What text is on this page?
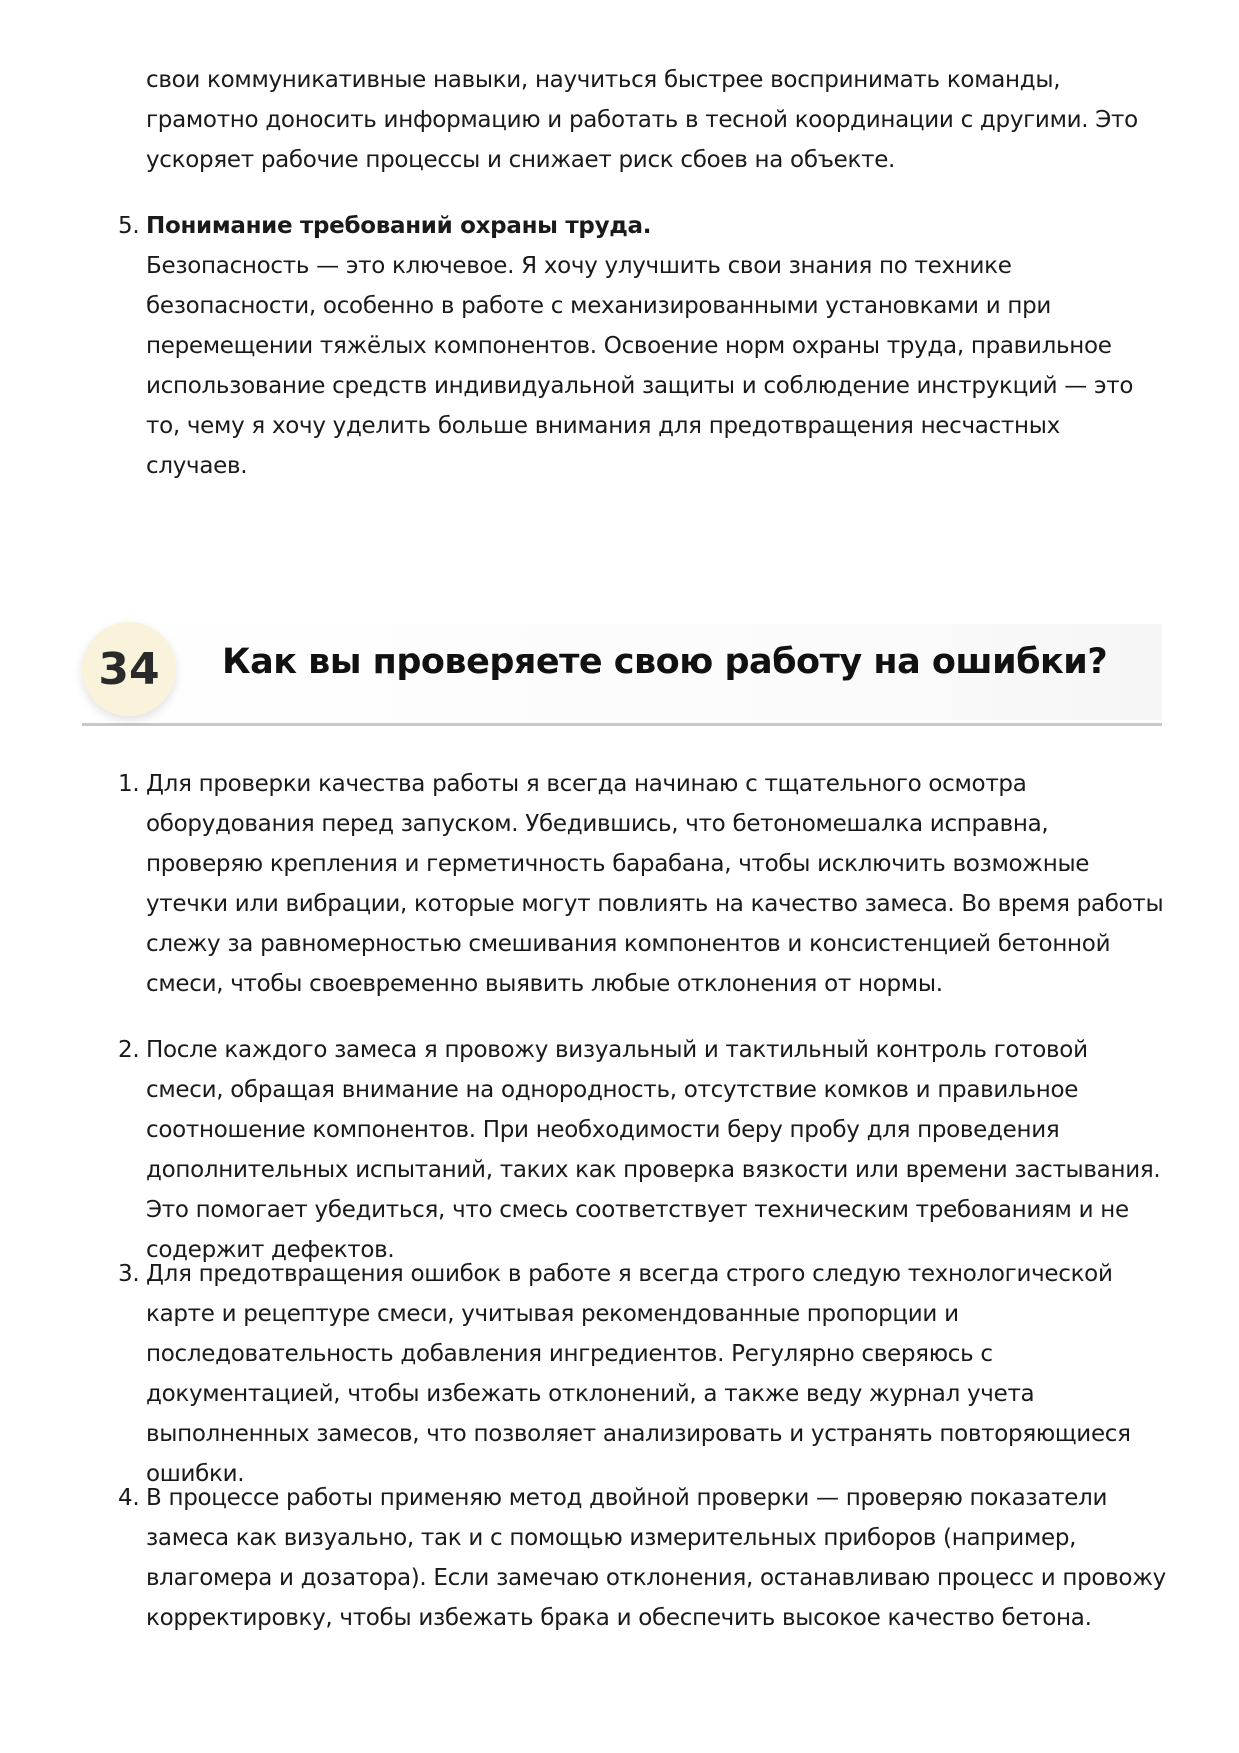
свои коммуникативные навыки, научиться быстрее воспринимать команды, грамотно доносить информацию и работать в тесной координации с другими. Это ускоряет рабочие процессы и снижает риск сбоев на объекте.

5. Понимание требований охраны труда.

Безопасность — это ключевое. Я хочу улучшить свои знания по технике безопасности, особенно в работе с механизированными установками и при перемещении тяжёлых компонентов. Освоение норм охраны труда, правильное использование средств индивидуальной защиты и соблюдение инструкций — это то, чему я хочу уделить больше внимания для предотвращения несчастных случаев.

34	Как вы проверяете свою работу на ошибки?
1. Для проверки качества работы я всегда начинаю с тщательного осмотра оборудования перед запуском. Убедившись, что бетономешалка исправна, проверяю крепления и герметичность барабана, чтобы исключить возможные утечки или вибрации, которые могут повлиять на качество замеса. Во время работы слежу за равномерностью смешивания компонентов и консистенцией бетонной смеси, чтобы своевременно выявить любые отклонения от нормы.

2. После каждого замеса я провожу визуальный и тактильный контроль готовой смеси, обращая внимание на однородность, отсутствие комков и правильное соотношение компонентов. При необходимости беру пробу для проведения дополнительных испытаний, таких как проверка вязкости или времени застывания. Это помогает убедиться, что смесь соответствует техническим требованиям и не содержит дефектов.

3. Для предотвращения ошибок в работе я всегда строго следую технологической карте и рецептуре смеси, учитывая рекомендованные пропорции и последовательность добавления ингредиентов. Регулярно сверяюсь с документацией, чтобы избежать отклонений, а также веду журнал учета выполненных замесов, что позволяет анализировать и устранять повторяющиеся ошибки.

4. В процессе работы применяю метод двойной проверки — проверяю показатели замеса как визуально, так и с помощью измерительных приборов (например, влагомера и дозатора). Если замечаю отклонения, останавливаю процесс и провожу корректировку, чтобы избежать брака и обеспечить высокое качество бетона.
